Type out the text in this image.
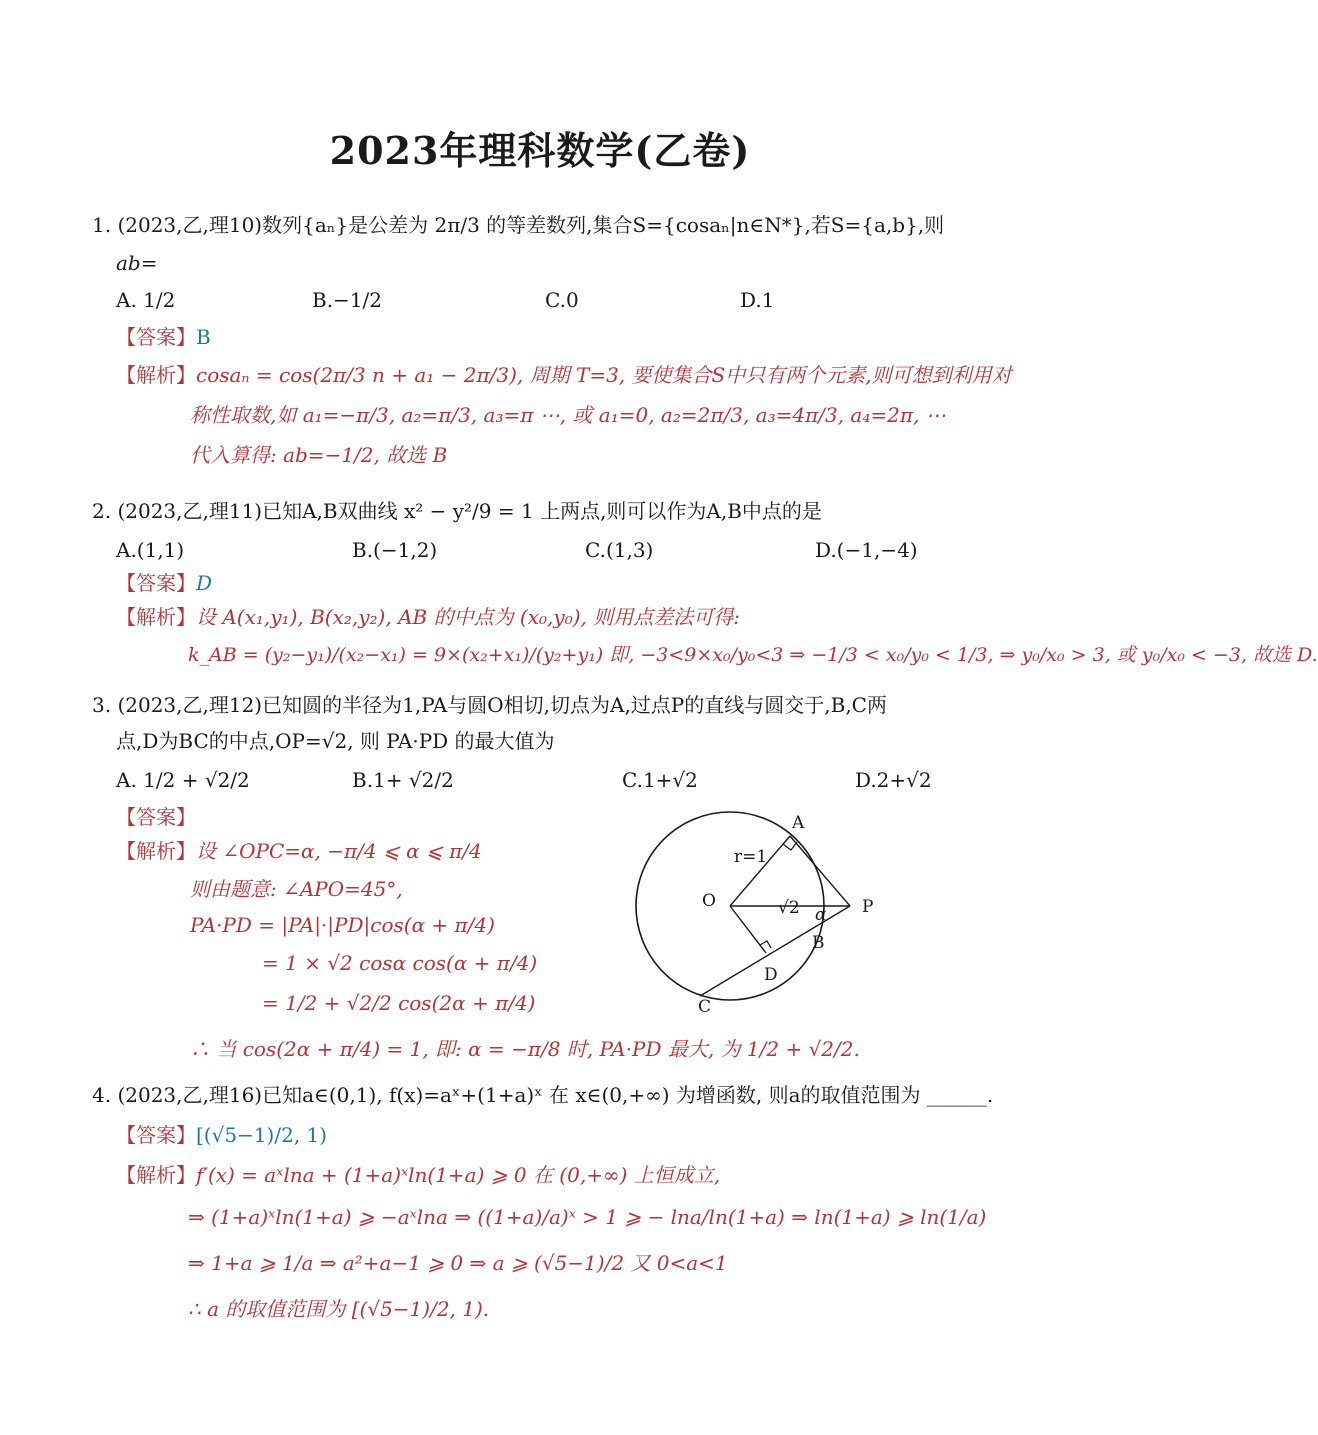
2023年理科数学(乙卷)
1. (2023,乙,理10)数列{aₙ}是公差为 2π/3 的等差数列,集合S={cosaₙ|n∈N*},若S={a,b},则
ab=
A. 1/2	B.−1/2	C.0	D.1
【答案】B
【解析】cosaₙ = cos(2π/3 n + a₁ − 2π/3), 周期 T=3, 要使集合S中只有两个元素,则可想到利用对
称性取数,如 a₁=−π/3, a₂=π/3, a₃=π ⋯, 或 a₁=0, a₂=2π/3, a₃=4π/3, a₄=2π, ⋯
代入算得: ab=−1/2, 故选 B
2. (2023,乙,理11)已知A,B双曲线 x² − y²/9 = 1 上两点,则可以作为A,B中点的是
A.(1,1)	B.(−1,2)	C.(1,3)	D.(−1,−4)
【答案】D
【解析】设 A(x₁,y₁), B(x₂,y₂), AB 的中点为 (x₀,y₀), 则用点差法可得:
k_AB = (y₂−y₁)/(x₂−x₁) = 9×(x₂+x₁)/(y₂+y₁) 即, −3<9×x₀/y₀<3 ⇒ −1/3 < x₀/y₀ < 1/3, ⇒ y₀/x₀ > 3, 或 y₀/x₀ < −3, 故选 D.
3. (2023,乙,理12)已知圆的半径为1,PA与圆O相切,切点为A,过点P的直线与圆交于,B,C两
点,D为BC的中点,OP=√2, 则 PA·PD 的最大值为
A. 1/2 + √2/2	B.1+ √2/2	C.1+√2	D.2+√2
【答案】
【解析】设 ∠OPC=α, −π/4 ⩽ α ⩽ π/4
则由题意: ∠APO=45°,
PA·PD = |PA|·|PD|cos(α + π/4)
= 1 × √2 cosα cos(α + π/4)
= 1/2 + √2/2 cos(2α + π/4)
∴ 当 cos(2α + π/4) = 1, 即: α = −π/8 时, PA·PD 最大, 为 1/2 + √2/2.
A
B
C
D
O	P
r=1
√2 α
4. (2023,乙,理16)已知a∈(0,1), f(x)=aˣ+(1+a)ˣ 在 x∈(0,+∞) 为增函数, 则a的取值范围为 ______.
【答案】[(√5−1)/2, 1)
【解析】f′(x) = aˣlna + (1+a)ˣln(1+a) ⩾ 0 在 (0,+∞) 上恒成立,
⇒ (1+a)ˣln(1+a) ⩾ −aˣlna ⇒ ((1+a)/a)ˣ > 1 ⩾ − lna/ln(1+a) ⇒ ln(1+a) ⩾ ln(1/a)
⇒ 1+a ⩾ 1/a ⇒ a²+a−1 ⩾ 0 ⇒ a ⩾ (√5−1)/2 又 0<a<1
∴ a 的取值范围为 [(√5−1)/2, 1).
